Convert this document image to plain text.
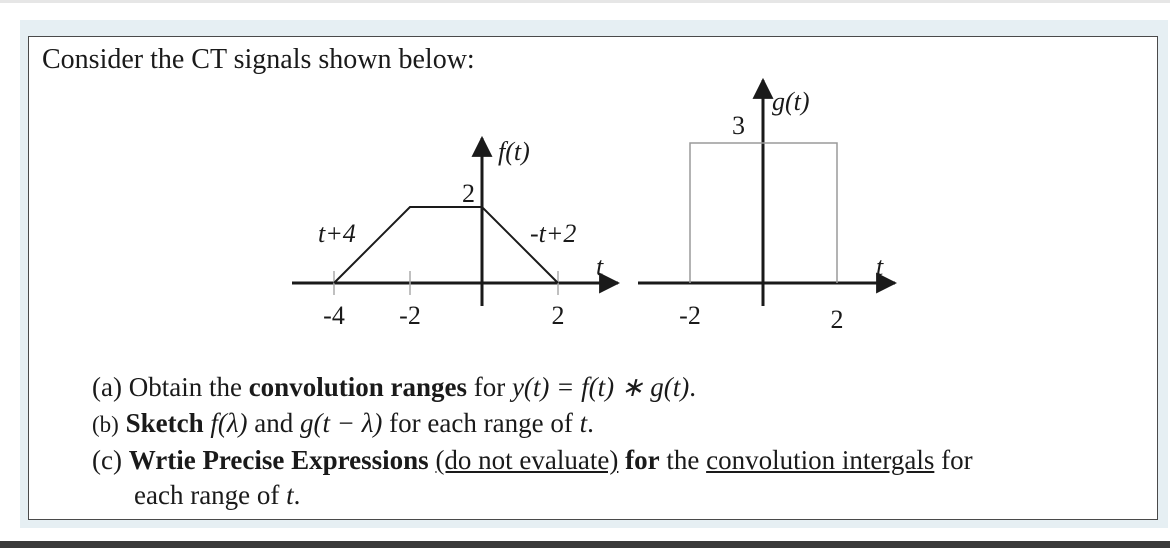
Consider the CT signals shown below:

f(t)
2
t+4	-t+2
t
-4 -2	2
g(t)
3
t
-2	2

(a) Obtain the convolution ranges for y(t) = f(t) ∗ g(t).

(b) Sketch f(λ) and g(t − λ) for each range of t.

(c) Wrtie Precise Expressions (do not evaluate) for the convolution intergals for

each range of t.
